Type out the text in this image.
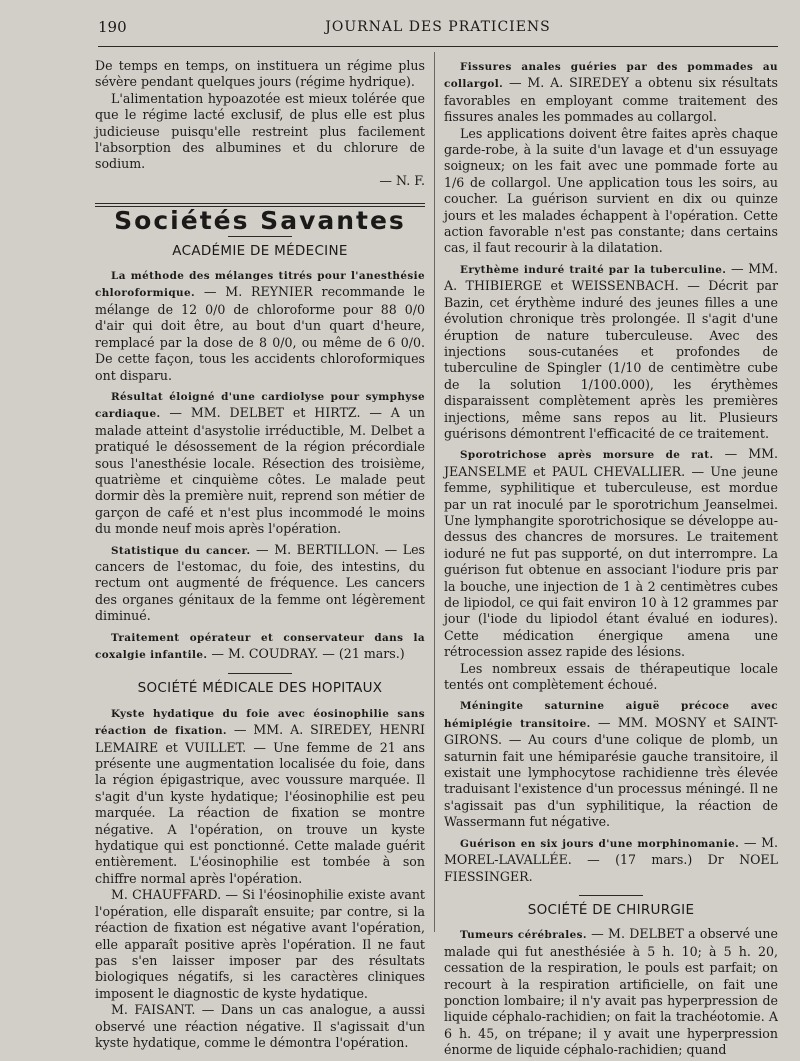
190	JOURNAL DES PRATICIENS

De temps en temps, on instituera un régime plus sévère pendant quelques jours (régime hydrique).

L'alimentation hypoazotée est mieux tolérée que que le régime lacté exclusif, de plus elle est plus judicieuse puisqu'elle restreint plus facilement l'absorption des albumines et du chlorure de sodium.

— N. F.
Sociétés Savantes
ACADÉMIE DE MÉDECINE

La méthode des mélanges titrés pour l'anesthésie chloroformique. — M. REYNIER recommande le mélange de 12 0/0 de chloroforme pour 88 0/0 d'air qui doit être, au bout d'un quart d'heure, remplacé par la dose de 8 0/0, ou même de 6 0/0. De cette façon, tous les accidents chloroformiques ont disparu.

Résultat éloigné d'une cardiolyse pour symphyse cardiaque. — MM. DELBET et HIRTZ. — A un malade atteint d'asystolie irréductible, M. Delbet a pratiqué le désossement de la région précordiale sous l'anesthésie locale. Résection des troisième, quatrième et cinquième côtes. Le malade peut dormir dès la première nuit, reprend son métier de garçon de café et n'est plus incommodé le moins du monde neuf mois après l'opération.

Statistique du cancer. — M. BERTILLON. — Les cancers de l'estomac, du foie, des intestins, du rectum ont augmenté de fréquence. Les cancers des organes génitaux de la femme ont légèrement diminué.

Traitement opérateur et conservateur dans la coxalgie infantile. — M. COUDRAY. — (21 mars.)

SOCIÉTÉ MÉDICALE DES HOPITAUX

Kyste hydatique du foie avec éosinophilie sans réaction de fixation. — MM. A. SIREDEY, HENRI LEMAIRE et VUILLET. — Une femme de 21 ans présente une augmentation localisée du foie, dans la région épigastrique, avec voussure marquée. Il s'agit d'un kyste hydatique; l'éosinophilie est peu marquée. La réaction de fixation se montre négative. A l'opération, on trouve un kyste hydatique qui est ponctionné. Cette malade guérit entièrement. L'éosinophilie est tombée à son chiffre normal après l'opération.

M. CHAUFFARD. — Si l'éosinophilie existe avant l'opération, elle disparaît ensuite; par contre, si la réaction de fixation est négative avant l'opération, elle apparaît positive après l'opération. Il ne faut pas s'en laisser imposer par des résultats biologiques négatifs, si les caractères cliniques imposent le diagnostic de kyste hydatique.

M. FAISANT. — Dans un cas analogue, a aussi observé une réaction négative. Il s'agissait d'un kyste hydatique, comme le démontra l'opération.

Fissures anales guéries par des pommades au collargol. — M. A. SIREDEY a obtenu six résultats favorables en employant comme traitement des fissures anales les pommades au collargol.

Les applications doivent être faites après chaque garde-robe, à la suite d'un lavage et d'un essuyage soigneux; on les fait avec une pommade forte au 1/6 de collargol. Une application tous les soirs, au coucher. La guérison survient en dix ou quinze jours et les malades échappent à l'opération. Cette action favorable n'est pas constante; dans certains cas, il faut recourir à la dilatation.

Erythème induré traité par la tuberculine. — MM. A. THIBIERGE et WEISSENBACH. — Décrit par Bazin, cet érythème induré des jeunes filles a une évolution chronique très prolongée. Il s'agit d'une éruption de nature tuberculeuse. Avec des injections sous-cutanées et profondes de tuberculine de Spingler (1/10 de centimètre cube de la solution 1/100.000), les érythèmes disparaissent complètement après les premières injections, même sans repos au lit. Plusieurs guérisons démontrent l'efficacité de ce traitement.

Sporotrichose après morsure de rat. — MM. JEANSELME et PAUL CHEVALLIER. — Une jeune femme, syphilitique et tuberculeuse, est mordue par un rat inoculé par le sporotrichum Jeanselmei. Une lymphangite sporotrichosique se développe au-dessus des chancres de morsures. Le traitement ioduré ne fut pas supporté, on dut interrompre. La guérison fut obtenue en associant l'iodure pris par la bouche, une injection de 1 à 2 centimètres cubes de lipiodol, ce qui fait environ 10 à 12 grammes par jour (l'iode du lipiodol étant évalué en iodures). Cette médication énergique amena une rétrocession assez rapide des lésions.

Les nombreux essais de thérapeutique locale tentés ont complètement échoué.

Méningite saturnine aiguë précoce avec hémiplégie transitoire. — MM. MOSNY et SAINT-GIRONS. — Au cours d'une colique de plomb, un saturnin fait une hémiparésie gauche transitoire, il existait une lymphocytose rachidienne très élevée traduisant l'existence d'un processus méningé. Il ne s'agissait pas d'un syphilitique, la réaction de Wassermann fut négative.

Guérison en six jours d'une morphinomanie. — M. MOREL-LAVALLÉE. — (17 mars.) Dr NOEL FIESSINGER.

SOCIÉTÉ DE CHIRURGIE

Tumeurs cérébrales. — M. DELBET a observé une malade qui fut anesthésiée à 5 h. 10; à 5 h. 20, cessation de la respiration, le pouls est parfait; on recourt à la respiration artificielle, on fait une ponction lombaire; il n'y avait pas hyperpression de liquide céphalo-rachidien; on fait la trachéotomie. A 6 h. 45, on trépane; il y avait une hyperpression énorme de liquide céphalo-rachidien; quand
